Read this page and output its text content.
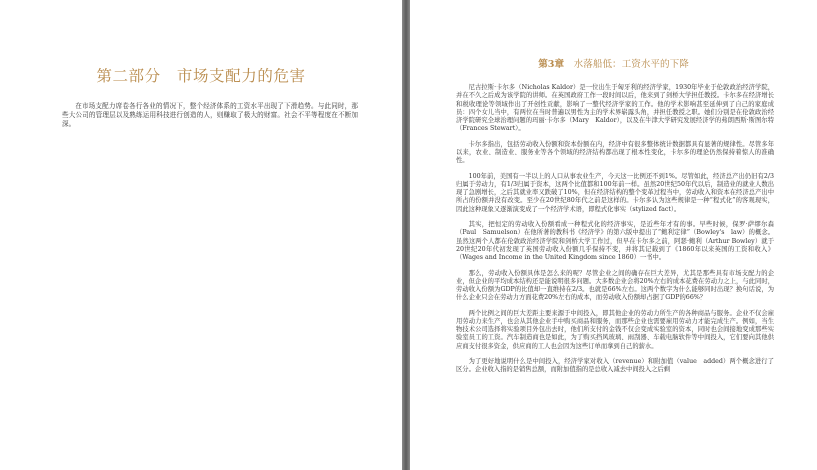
第二部分　市场支配力的危害
在市场支配力席卷各行各业的情况下，整个经济体系的工资水平出现了下滑趋势。与此同时，那些大公司的管理层以及熟练运用科技进行创造的人，则赚取了极大的财富。社会不平等程度在不断加深。
第3章　 水落船低：工资水平的下降

尼古拉斯·卡尔多（Nicholas Kaldor）是一位出生于匈牙利的经济学家，1930年毕业于伦敦政治经济学院，并在不久之后成为该学院的讲师。在英国政府工作一段时间以后，他来到了剑桥大学担任教授。卡尔多在经济增长和税收理论等领域作出了开创性贡献，影响了一整代经济学家的工作。他的学术影响甚至延伸到了自己的家庭成员：四个女儿当中，有两位在当时普遍以男性为主的学术界崭露头角，并担任教授之职。她们分别是在伦敦政治经济学院研究全球治理问题的玛丽·卡尔多（Mary　Kaldor），以及在牛津大学研究发展经济学的弗朗西斯·斯图尔特（Frances Stewart）。

卡尔多指出，包括劳动收入份额和资本份额在内，经济中有很多整体统计数据都具有显著的规律性。尽管多年以来，农业、制造业、服务业等各个领域的经济结构都出现了根本性变化，卡尔多的理论仍然保持着惊人的准确性。

100年前，美国有一半以上的人口从事农业生产，今天这一比例还不到1%。尽管如此，经济总产出仍旧有2/3归属于劳动力，有1/3归属于资本，这两个比值都和100年前一样。虽然20世纪50年代以后，制造业的就业人数出现了急剧增长，之后其就业率又跌破了10%，但在经济结构的整个变革过程当中，劳动收入和资本在经济总产出中所占的份额并没有改变。至少在20世纪80年代之前是这样的。卡尔多认为这些规律是一种“程式化”的客观现实，因此这种现象又逐渐演变成了一个经济学术语，即程式化事实（stylized fact）。

其实，把恒定的劳动收入份额看成一种程式化的经济事实，是近些年才有的事。早些时候，保罗·萨缪尔森（Paul　Samuelson）在他所著的教科书《经济学》的第六版中提出了“鲍利定律”（Bowley's　law）的概念。虽然这两个人都在伦敦政治经济学院和剑桥大学工作过，但早在卡尔多之前，阿瑟·鲍利（Arthur Bowley）就于20世纪20年代初发现了英国劳动收入份额几乎保持不变，并将其记载到了《1860年以来英国的工资和收入》（Wages and Income in the United Kingdom since 1860）一书中。

那么，劳动收入份额具体是怎么来的呢？尽管企业之间的确存在巨大差异，尤其是那些具有市场支配力的企业，但企业的平均成本结构还是能说明很多问题。大多数企业会将20%左右的成本花费在劳动力之上，与此同时，劳动收入份额为GDP的比值却一直维持在2/3。也就是66%左右。这两个数字为什么能够同时出现？换句话说，为什么企业只会在劳动力方面花费20%左右的成本，而劳动收入份额却占据了GDP的66%？

两个比例之间的巨大差距主要来源于中间投入，即其他企业的劳动力所生产的各种商品与服务。企业不仅会雇用劳动力来生产，也会从其他企业手中购买商品和服务，而那些企业也需要雇用劳动力才能完成生产。例如，当生物技术公司选择将实验项目外包出去时，他们所支付的金钱不仅会变成实验室的资本，同时也会间接地变成那些实验室员工的工资。汽车制造商也是如此，为了购买挡风玻璃、雨刮器、车载电脑软件等中间投入，它们要向其他供应商支付很多资金，供应商的工人也会因为这些订单而拿到自己的薪水。

为了更好地说明什么是中间投入，经济学家对收入（revenue）和附加值（value　added）两个概念进行了区分。企业收入指的是销售总额，而附加值指的是总收入减去中间投入之后剩
